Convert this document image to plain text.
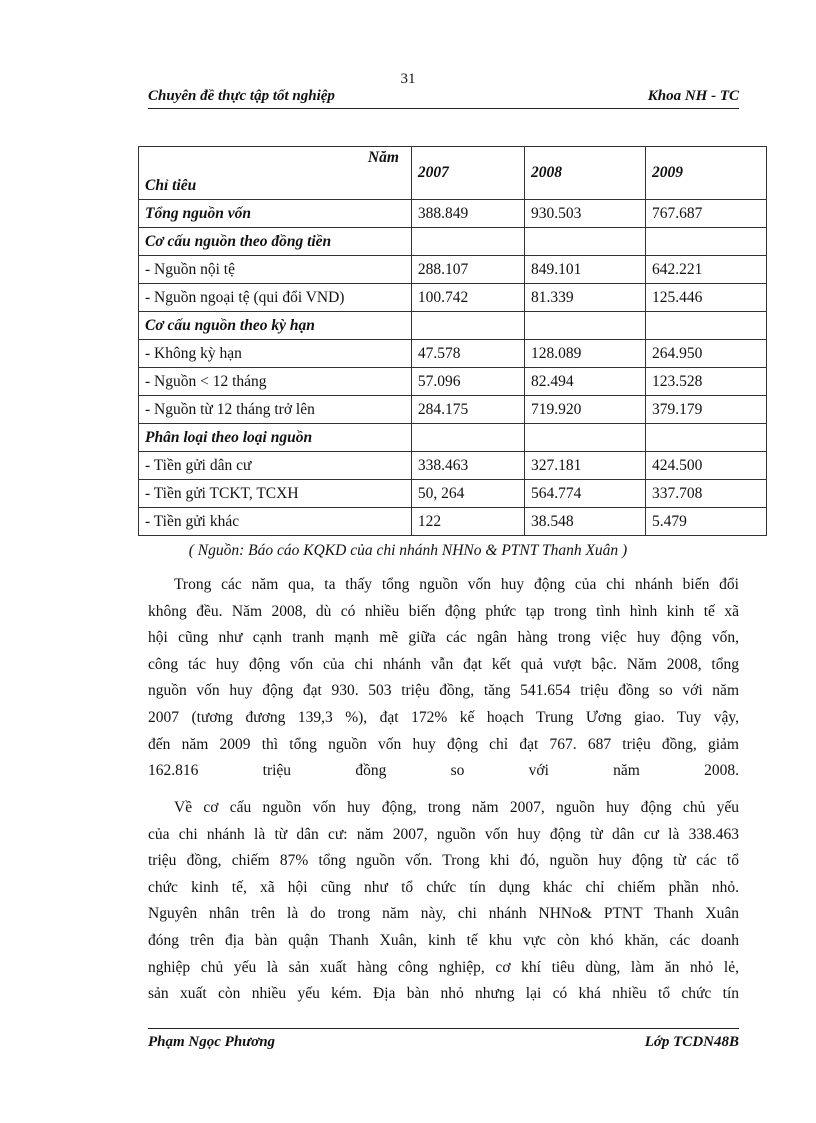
31
Chuyên đề thực tập tốt nghiệp	Khoa NH - TC
Năm
Chỉ tiêu	2007	2008	2009
Tổng nguồn vốn	388.849	930.503	767.687
Cơ cấu nguồn theo đồng tiền			
- Nguồn nội tệ	288.107	849.101	642.221
- Nguồn ngoại tệ (qui đổi VND)	100.742	81.339	125.446
Cơ cấu nguồn theo kỳ hạn			
- Không kỳ hạn	47.578	128.089	264.950
- Nguồn < 12 tháng	57.096	82.494	123.528
- Nguồn từ 12 tháng trở lên	284.175	719.920	379.179
Phân loại theo loại nguồn			
- Tiền gửi dân cư	338.463	327.181	424.500
- Tiền gửi TCKT, TCXH	50, 264	564.774	337.708
- Tiền gửi khác	122	38.548	5.479
( Nguồn: Báo cáo KQKD của chi nhánh NHNo & PTNT Thanh Xuân )

Trong các năm qua, ta thấy tổng nguồn vốn huy động của chi nhánh biến đổi
không đều. Năm 2008, dù có nhiều biến động phức tạp trong tình hình kinh tế xã
hội cũng như cạnh tranh mạnh mẽ giữa các ngân hàng trong việc huy động vốn,
công tác huy động vốn của chi nhánh vẫn đạt kết quả vượt bậc. Năm 2008, tổng
nguồn vốn huy động đạt 930. 503 triệu đồng, tăng 541.654 triệu đồng so với năm
2007 (tương đương 139,3 %), đạt 172% kế hoạch Trung Ương giao. Tuy vậy,
đến năm 2009 thì tổng nguồn vốn huy động chỉ đạt 767. 687 triệu đồng, giảm
162.816 triệu đồng so với năm 2008.

Về cơ cấu nguồn vốn huy động, trong năm 2007, nguồn huy động chủ yếu
của chi nhánh là từ dân cư: năm 2007, nguồn vốn huy động từ dân cư là 338.463
triệu đồng, chiếm 87% tổng nguồn vốn. Trong khi đó, nguồn huy động từ các tổ
chức kinh tế, xã hội cũng như tổ chức tín dụng khác chỉ chiếm phần nhỏ.
Nguyên nhân trên là do trong năm này, chi nhánh NHNo& PTNT Thanh Xuân
đóng trên địa bàn quận Thanh Xuân, kinh tế khu vực còn khó khăn, các doanh
nghiệp chủ yếu là sản xuất hàng công nghiệp, cơ khí tiêu dùng, làm ăn nhỏ lẻ,
sản xuất còn nhiều yếu kém. Địa bàn nhỏ nhưng lại có khá nhiều tổ chức tín

Phạm Ngọc Phương	Lớp TCDN48B
